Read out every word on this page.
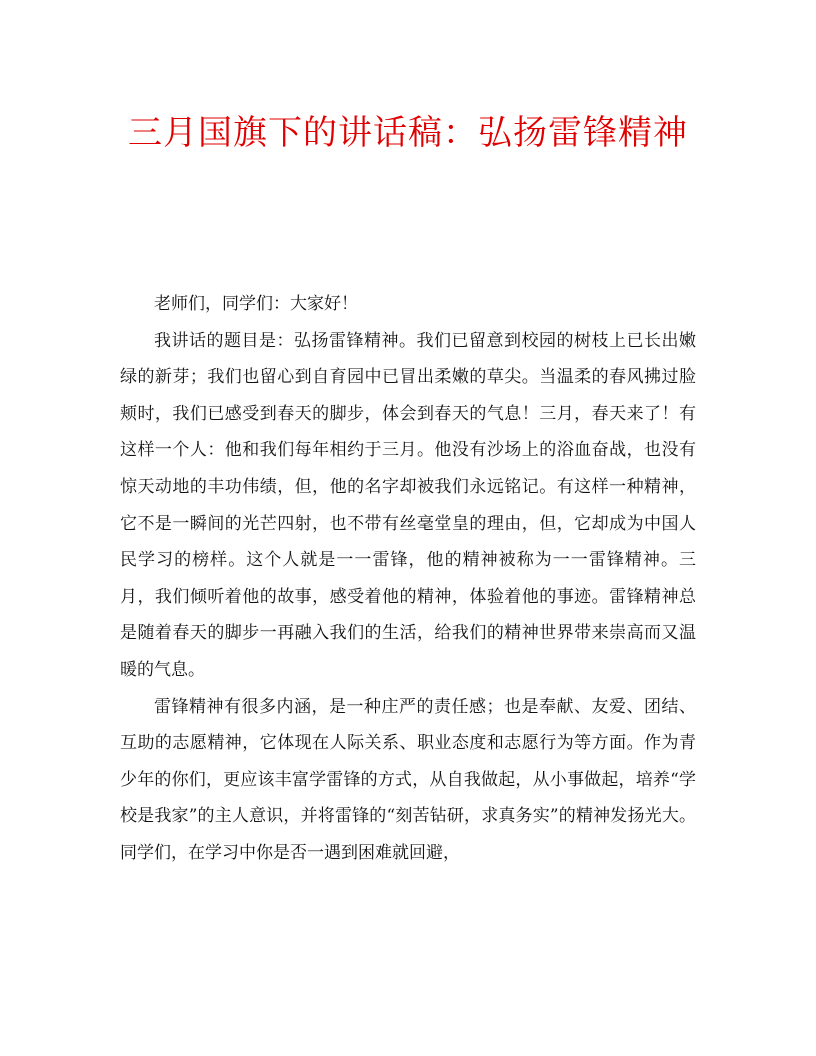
三月国旗下的讲话稿：弘扬雷锋精神

老师们，同学们：大家好！

我讲话的题目是：弘扬雷锋精神。我们已留意到校园的树枝上已长出嫩绿的新芽；我们也留心到自育园中已冒出柔嫩的草尖。当温柔的春风拂过脸颊时，我们已感受到春天的脚步，体会到春天的气息！三月，春天来了！有这样一个人：他和我们每年相约于三月。他没有沙场上的浴血奋战，也没有惊天动地的丰功伟绩，但，他的名字却被我们永远铭记。有这样一种精神，它不是一瞬间的光芒四射，也不带有丝毫堂皇的理由，但，它却成为中国人民学习的榜样。这个人就是一一雷锋，他的精神被称为一一雷锋精神。三月，我们倾听着他的故事，感受着他的精神，体验着他的事迹。雷锋精神总是随着春天的脚步一再融入我们的生活，给我们的精神世界带来崇高而又温暖的气息。

雷锋精神有很多内涵，是一种庄严的责任感；也是奉献、友爱、团结、互助的志愿精神，它体现在人际关系、职业态度和志愿行为等方面。作为青少年的你们，更应该丰富学雷锋的方式，从自我做起，从小事做起，培养“学校是我家”的主人意识，并将雷锋的“刻苦钻研，求真务实”的精神发扬光大。同学们，在学习中你是否一遇到困难就回避，
